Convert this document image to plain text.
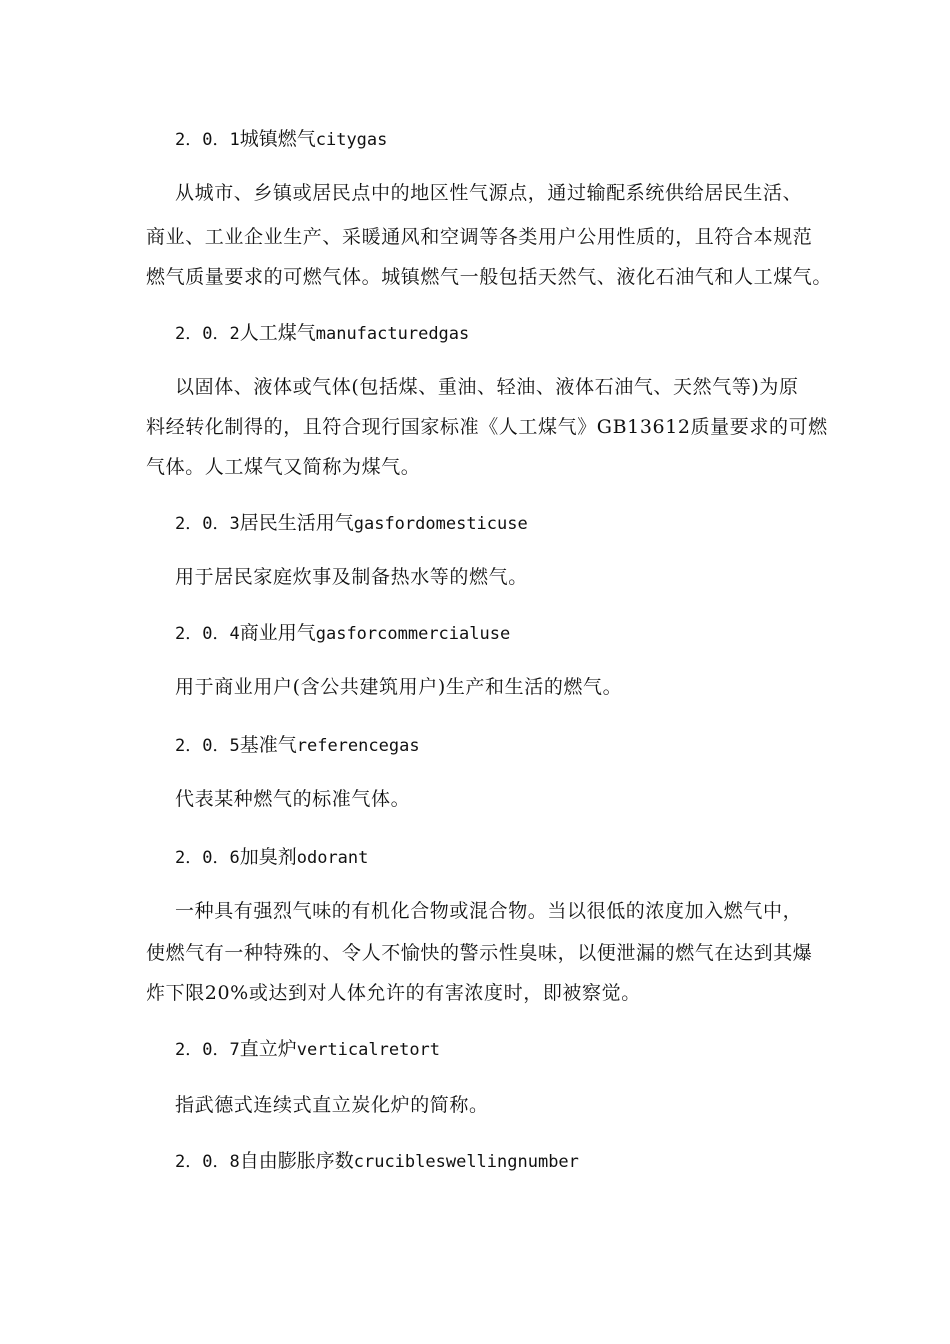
2．0．1城镇燃气citygas
从城市、乡镇或居民点中的地区性气源点，通过输配系统供给居民生活、
商业、工业企业生产、采暖通风和空调等各类用户公用性质的，且符合本规范
燃气质量要求的可燃气体。城镇燃气一般包括天然气、液化石油气和人工煤气。
2．0．2人工煤气manufacturedgas
以固体、液体或气体(包括煤、重油、轻油、液体石油气、天然气等)为原
料经转化制得的，且符合现行国家标准《人工煤气》GB13612质量要求的可燃
气体。人工煤气又简称为煤气。
2．0．3居民生活用气gasfordomesticuse
用于居民家庭炊事及制备热水等的燃气。
2．0．4商业用气gasforcommercialuse
用于商业用户(含公共建筑用户)生产和生活的燃气。
2．0．5基准气referencegas
代表某种燃气的标准气体。
2．0．6加臭剂odorant
一种具有强烈气味的有机化合物或混合物。当以很低的浓度加入燃气中，
使燃气有一种特殊的、令人不愉快的警示性臭味，以便泄漏的燃气在达到其爆
炸下限20%或达到对人体允许的有害浓度时，即被察觉。
2．0．7直立炉verticalretort
指武德式连续式直立炭化炉的简称。
2．0．8自由膨胀序数crucibleswellingnumber
